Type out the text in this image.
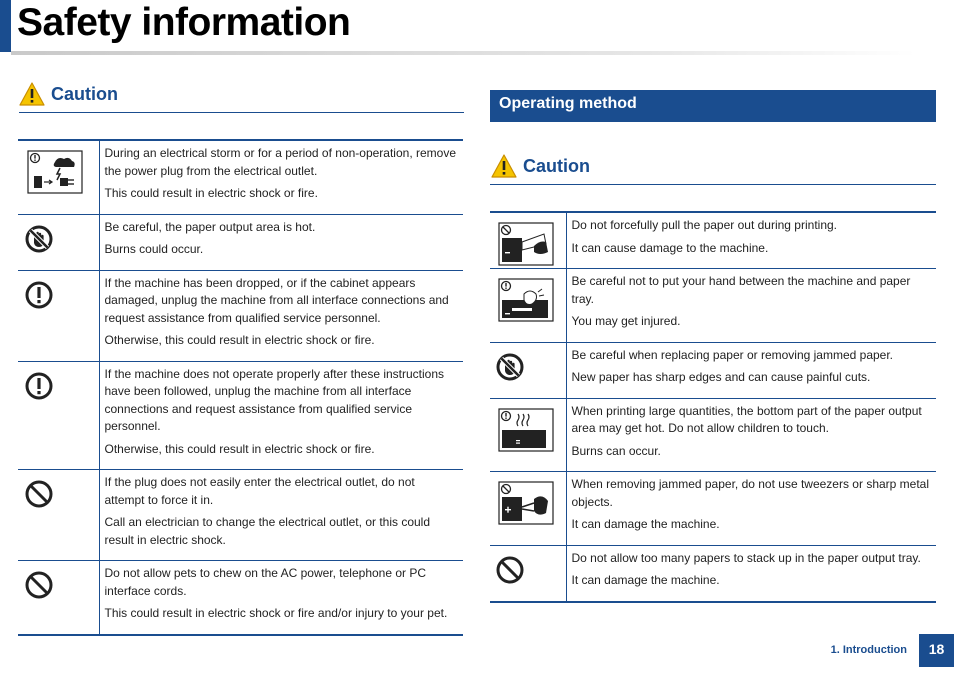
Safety information
Caution

During an electrical storm or for a period of non-operation, remove the power plug from the electrical outlet.

This could result in electric shock or fire.

Be careful, the paper output area is hot.

Burns could occur.

If the machine has been dropped, or if the cabinet appears damaged, unplug the machine from all interface connections and request assistance from qualified service personnel.

Otherwise, this could result in electric shock or fire.

If the machine does not operate properly after these instructions have been followed, unplug the machine from all interface connections and request assistance from qualified service personnel.

Otherwise, this could result in electric shock or fire.

If the plug does not easily enter the electrical outlet, do not attempt to force it in.

Call an electrician to change the electrical outlet, or this could result in electric shock.

Do not allow pets to chew on the AC power, telephone or PC interface cords.

This could result in electric shock or fire and/or injury to your pet.

Operating method
Caution

Do not forcefully pull the paper out during printing.

It can cause damage to the machine.

Be careful not to put your hand between the machine and paper tray.

You may get injured.

Be careful when replacing paper or removing jammed paper.

New paper has sharp edges and can cause painful cuts.

When printing large quantities, the bottom part of the paper output area may get hot. Do not allow children to touch.

Burns can occur.

When removing jammed paper, do not use tweezers or sharp metal objects.

It can damage the machine.

Do not allow too many papers to stack up in the paper output tray.

It can damage the machine.

1. Introduction	18
